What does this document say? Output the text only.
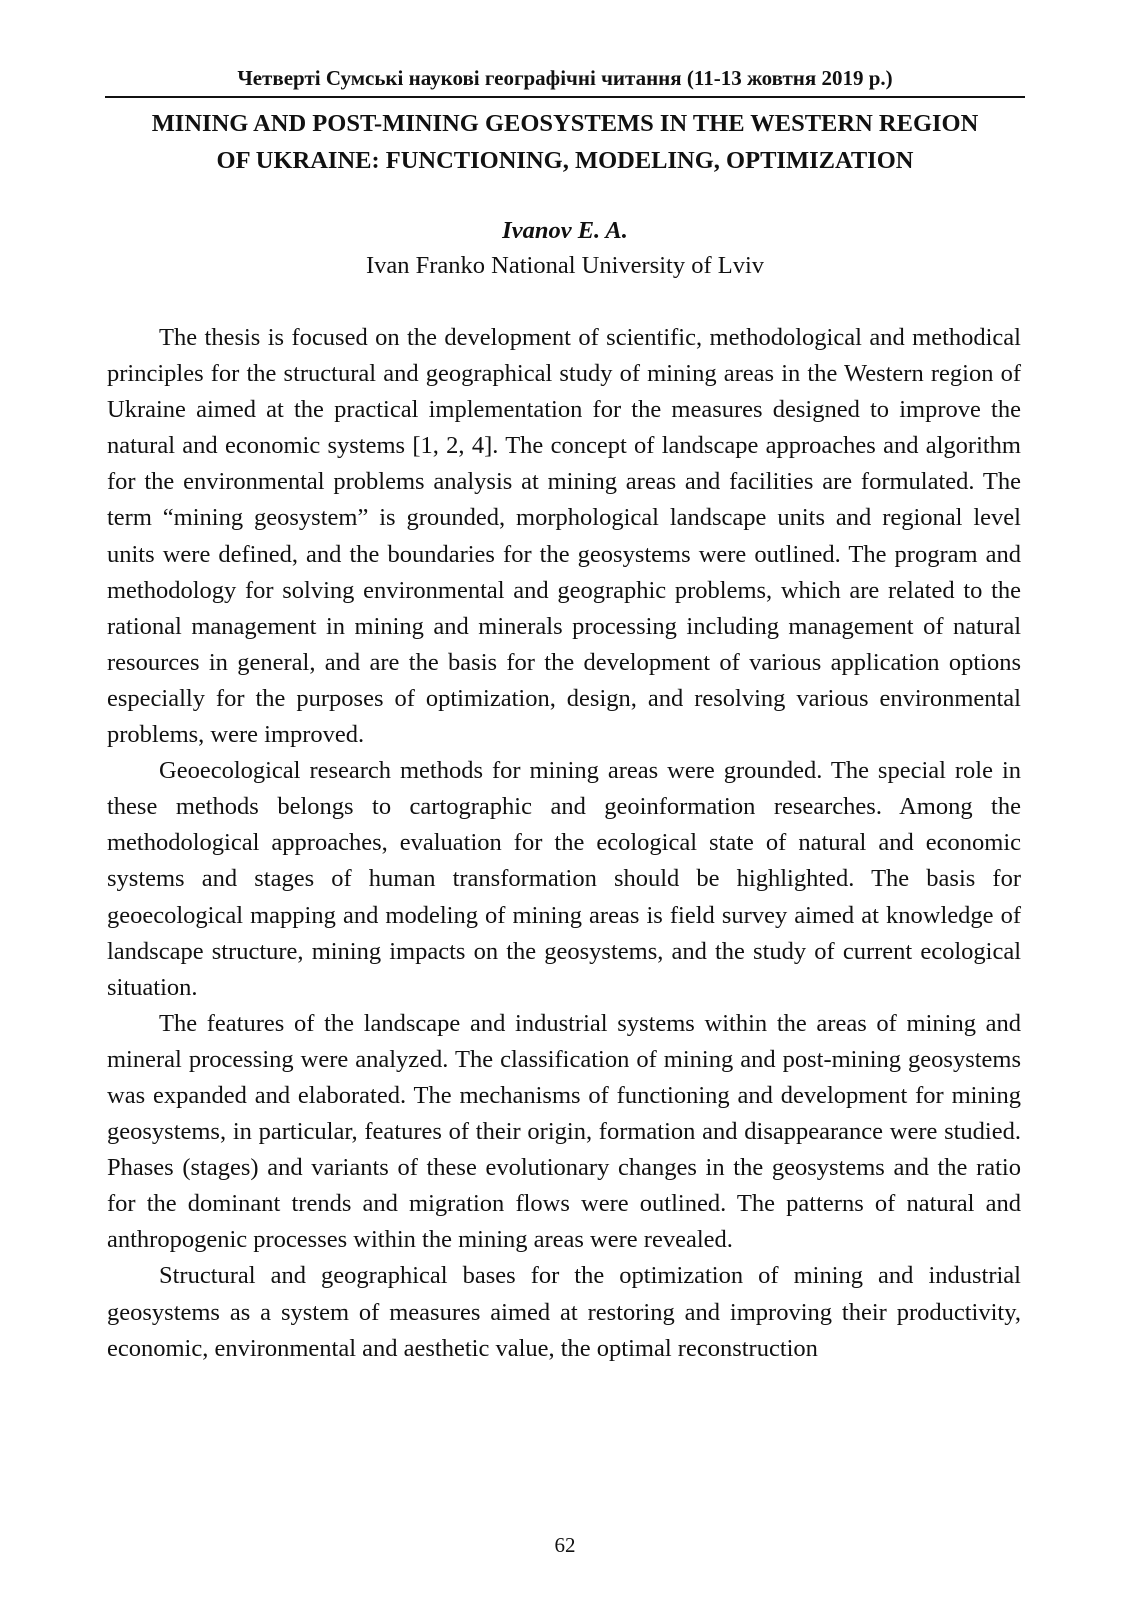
Четверті Сумські наукові географічні читання (11-13 жовтня 2019 р.)
MINING AND POST-MINING GEOSYSTEMS IN THE WESTERN REGION
OF UKRAINE: FUNCTIONING, MODELING, OPTIMIZATION
Ivanov E. A.
Ivan Franko National University of Lviv

The thesis is focused on the development of scientific, methodological and methodical principles for the structural and geographical study of mining areas in the Western region of Ukraine aimed at the practical implementation for the measures designed to improve the natural and economic systems [1, 2, 4]. The concept of landscape approaches and algorithm for the environmental problems analysis at mining areas and facilities are formulated. The term “mining geosystem” is grounded, morphological landscape units and regional level units were defined, and the boundaries for the geosystems were outlined. The program and methodology for solving environmental and geographic problems, which are related to the rational management in mining and minerals processing including management of natural resources in general, and are the basis for the development of various application options especially for the purposes of optimization, design, and resolving various environmental problems, were improved.

Geoecological research methods for mining areas were grounded. The special role in these methods belongs to cartographic and geoinformation researches. Among the methodological approaches, evaluation for the ecological state of natural and economic systems and stages of human transformation should be highlighted. The basis for geoecological mapping and modeling of mining areas is field survey aimed at knowledge of landscape structure, mining impacts on the geosystems, and the study of current ecological situation.

The features of the landscape and industrial systems within the areas of mining and mineral processing were analyzed. The classification of mining and post-mining geosystems was expanded and elaborated. The mechanisms of functioning and development for mining geosystems, in particular, features of their origin, formation and disappearance were studied. Phases (stages) and variants of these evolutionary changes in the geosystems and the ratio for the dominant trends and migration flows were outlined. The patterns of natural and anthropogenic processes within the mining areas were revealed.

Structural and geographical bases for the optimization of mining and industrial geosystems as a system of measures aimed at restoring and improving their productivity, economic, environmental and aesthetic value, the optimal reconstruction

62
